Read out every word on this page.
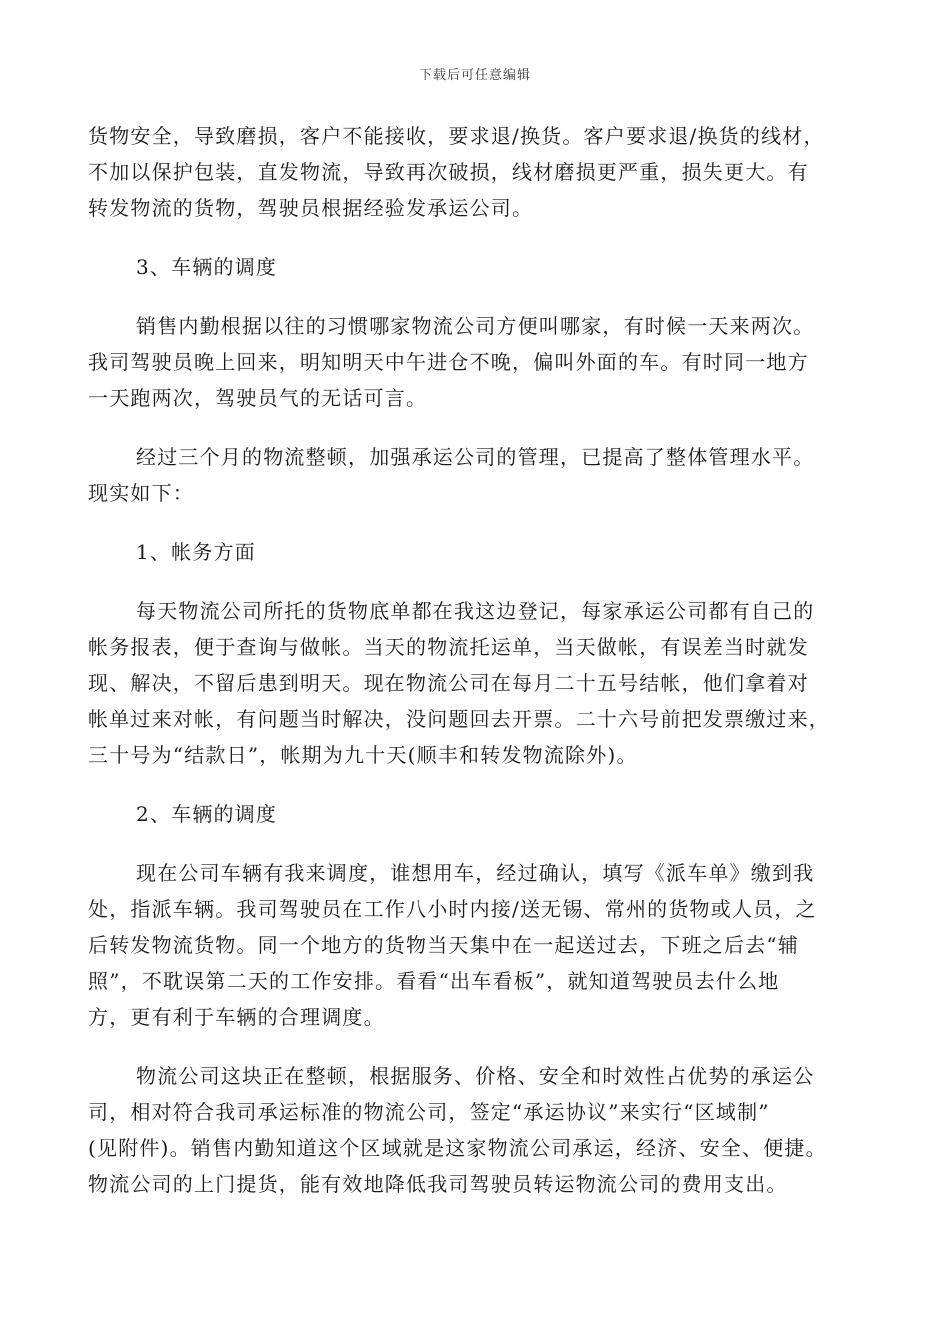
下载后可任意编辑
货物安全，导致磨损，客户不能接收，要求退/换货。客户要求退/换货的线材，
不加以保护包装，直发物流，导致再次破损，线材磨损更严重，损失更大。有
转发物流的货物，驾驶员根据经验发承运公司。
3、车辆的调度
销售内勤根据以往的习惯哪家物流公司方便叫哪家，有时候一天来两次。
我司驾驶员晚上回来，明知明天中午进仓不晚，偏叫外面的车。有时同一地方
一天跑两次，驾驶员气的无话可言。
经过三个月的物流整顿，加强承运公司的管理，已提高了整体管理水平。
现实如下：
1、帐务方面
每天物流公司所托的货物底单都在我这边登记，每家承运公司都有自己的
帐务报表，便于查询与做帐。当天的物流托运单，当天做帐，有误差当时就发
现、解决，不留后患到明天。现在物流公司在每月二十五号结帐，他们拿着对
帐单过来对帐，有问题当时解决，没问题回去开票。二十六号前把发票缴过来，
三十号为“结款日”，帐期为九十天(顺丰和转发物流除外)。
2、车辆的调度
现在公司车辆有我来调度，谁想用车，经过确认，填写《派车单》缴到我
处，指派车辆。我司驾驶员在工作八小时内接/送无锡、常州的货物或人员，之
后转发物流货物。同一个地方的货物当天集中在一起送过去，下班之后去“辅
照”，不耽误第二天的工作安排。看看“出车看板”，就知道驾驶员去什么地
方，更有利于车辆的合理调度。
物流公司这块正在整顿，根据服务、价格、安全和时效性占优势的承运公
司，相对符合我司承运标准的物流公司，签定“承运协议”来实行“区域制”
(见附件)。销售内勤知道这个区域就是这家物流公司承运，经济、安全、便捷。
物流公司的上门提货，能有效地降低我司驾驶员转运物流公司的费用支出。
